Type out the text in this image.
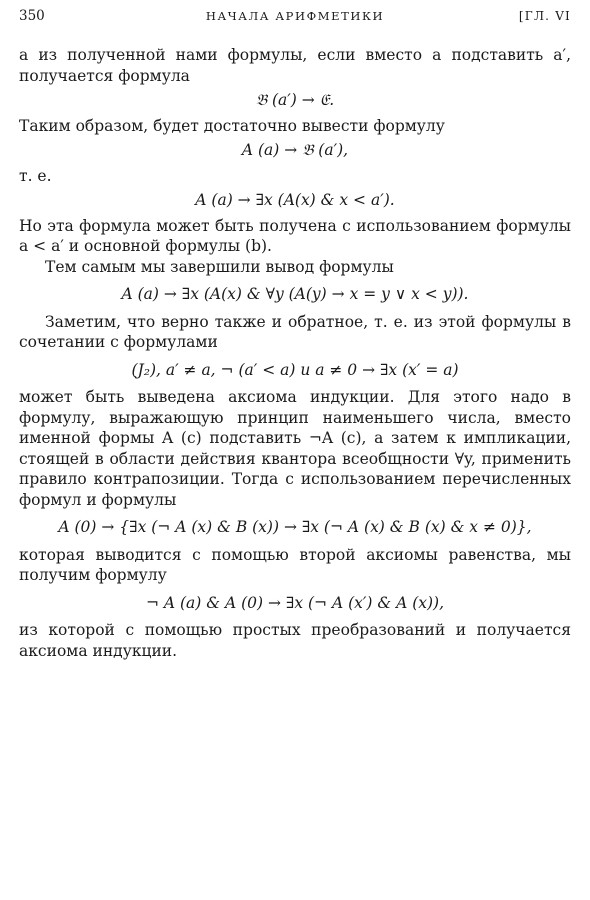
350	НАЧАЛА АРИФМЕТИКИ	[ГЛ. VI

а из полученной нами формулы, если вместо a подставить a′, получается формула

𝔅 (a′) → 𝔈.

Таким образом, будет достаточно вывести формулу

A (a) → 𝔅 (a′),

т. е.

A (a) → ∃x (A(x) & x < a′).

Но эта формула может быть получена с использованием формулы a < a′ и основной формулы (b).

Тем самым мы завершили вывод формулы

A (a) → ∃x (A(x) & ∀y (A(y) → x = y ∨ x < y)).

Заметим, что верно также и обратное, т. е. из этой формулы в сочетании с формулами

(J₂), a′ ≠ a, ¬ (a′ < a) и a ≠ 0 → ∃x (x′ = a)

может быть выведена аксиома индукции. Для этого надо в формулу, выражающую принцип наименьшего числа, вместо именной формы A (c) подставить ¬A (c), а затем к импликации, стоящей в области действия квантора всеобщности ∀y, применить правило контрапозиции. Тогда с использованием перечисленных формул и формулы

A (0) → {∃x (¬ A (x) & B (x)) → ∃x (¬ A (x) & B (x) & x ≠ 0)},

которая выводится с помощью второй аксиомы равенства, мы получим формулу

¬ A (a) & A (0) → ∃x (¬ A (x′) & A (x)),

из которой с помощью простых преобразований и получается аксиома индукции.
